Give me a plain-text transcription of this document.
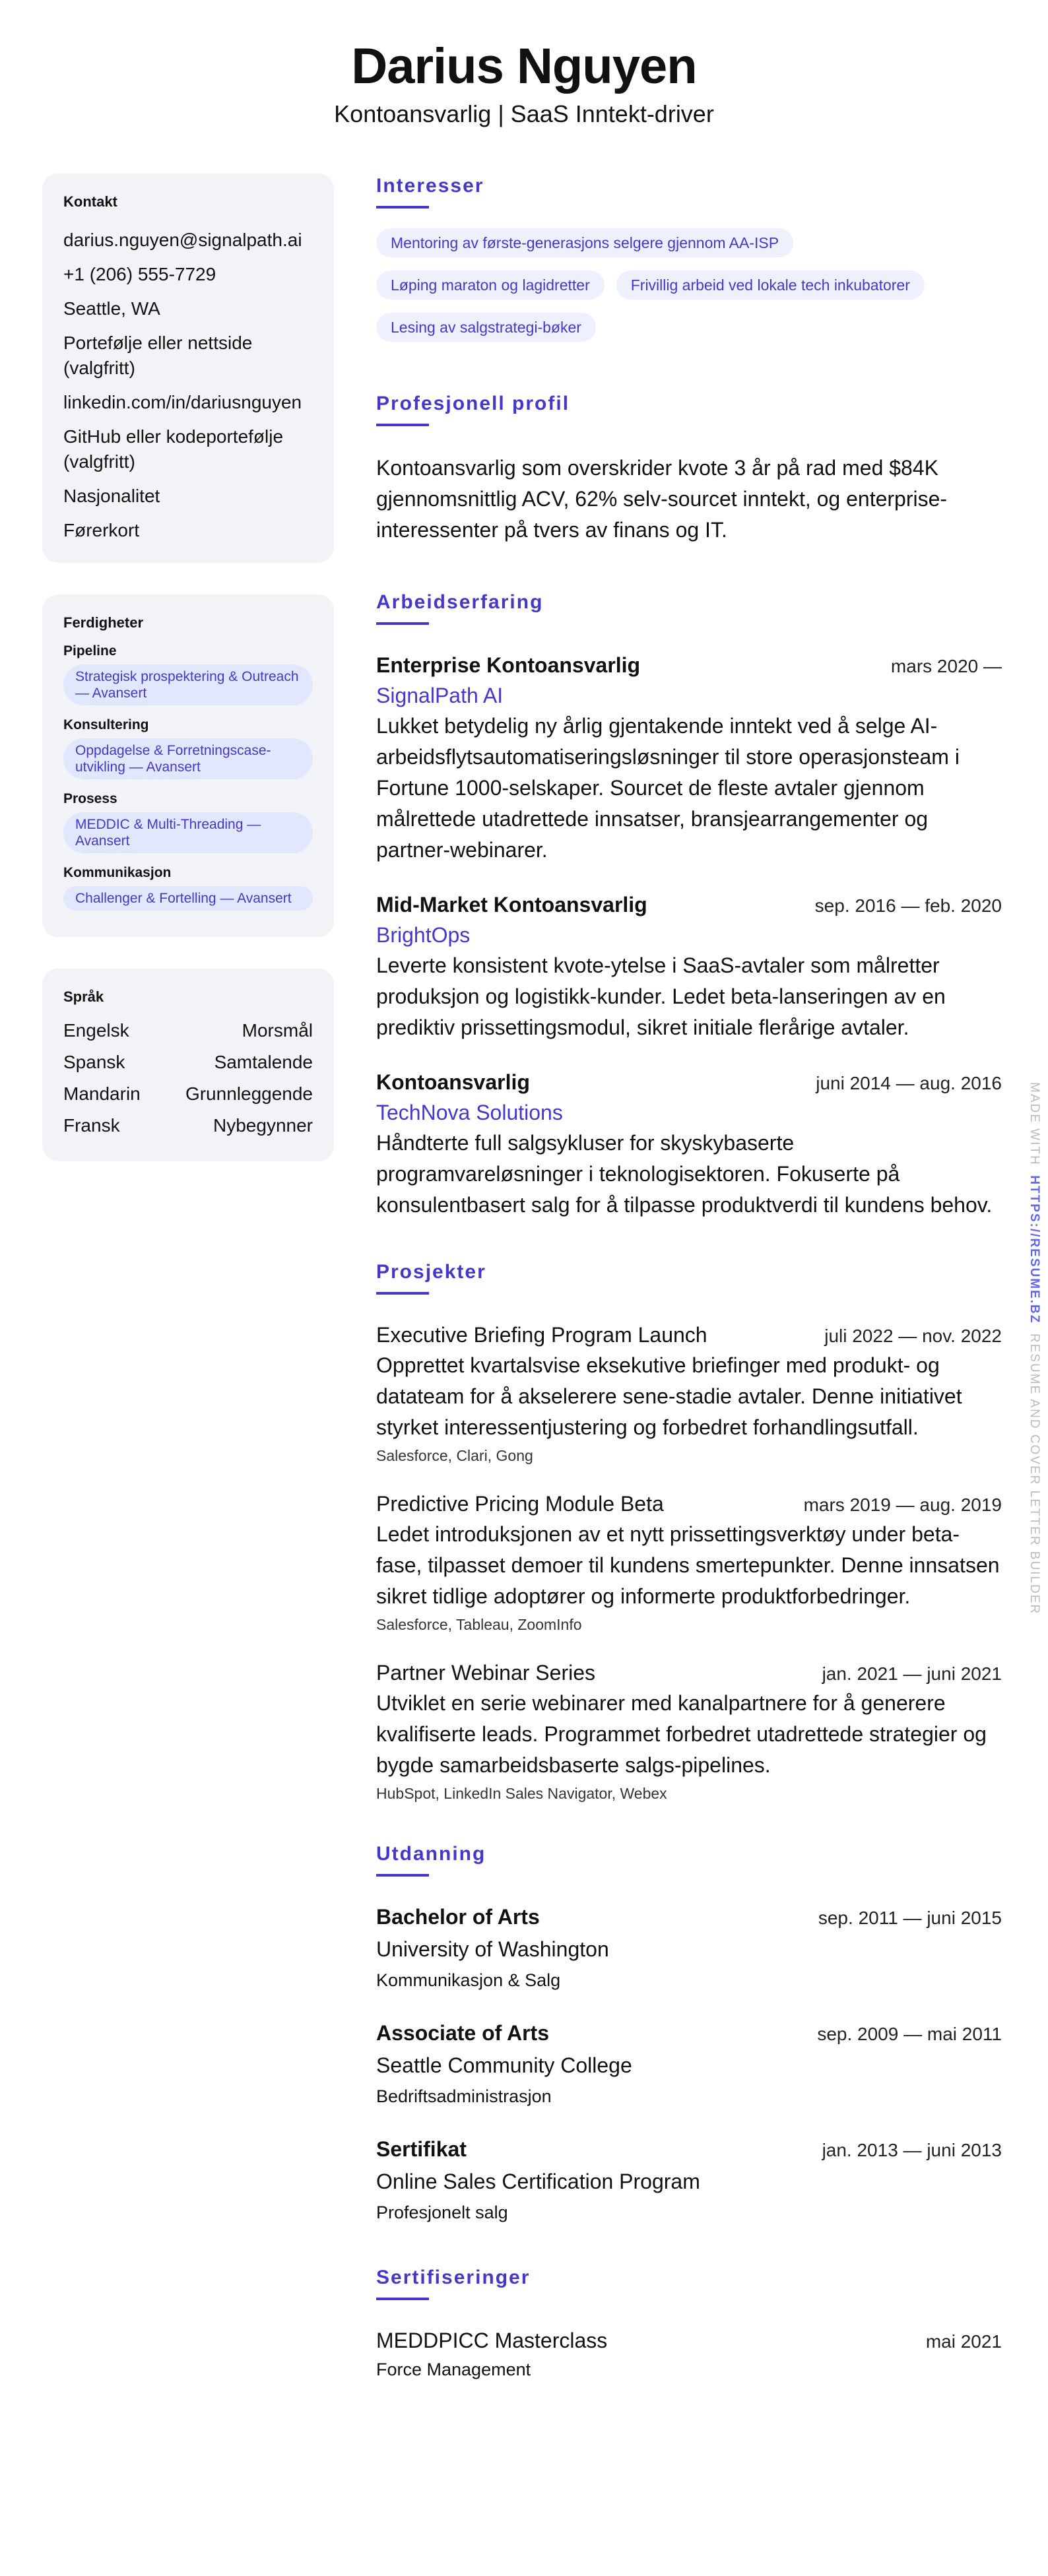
Darius Nguyen
Kontoansvarlig | SaaS Inntekt-driver
Kontakt
darius.nguyen@signalpath.ai
+1 (206) 555-7729
Seattle, WA
Portefølje eller nettside (valgfritt)
linkedin.com/in/dariusnguyen
GitHub eller kodeportefølje (valgfritt)
Nasjonalitet
Førerkort
Ferdigheter
Pipeline
Strategisk prospektering & Outreach — Avansert
Konsultering
Oppdagelse & Forretningscase-utvikling — Avansert
Prosess
MEDDIC & Multi-Threading — Avansert
Kommunikasjon
Challenger & Fortelling — Avansert
Språk
Engelsk	Morsmål
Spansk	Samtalende
Mandarin Grunnleggende
Fransk	Nybegynner
Interesser
Mentoring av første-generasjons selgere gjennom AA-ISP
Løping maraton og lagidretter	Frivillig arbeid ved lokale tech inkubatorer
Lesing av salgstrategi-bøker
Profesjonell profil

Kontoansvarlig som overskrider kvote 3 år på rad med $84K gjennomsnittlig ACV, 62% selv-sourcet inntekt, og enterprise-interessenter på tvers av finans og IT.

Arbeidserfaring
Enterprise Kontoansvarlig	mars 2020 —
SignalPath AI

Lukket betydelig ny årlig gjentakende inntekt ved å selge AI-arbeidsflytsautomatiseringsløsninger til store operasjonsteam i Fortune 1000-selskaper. Sourcet de fleste avtaler gjennom målrettede utadrettede innsatser, bransjearrangementer og partner-webinarer.

Mid-Market Kontoansvarlig	sep. 2016 — feb. 2020
BrightOps

Leverte konsistent kvote-ytelse i SaaS-avtaler som målretter produksjon og logistikk-kunder. Ledet beta-lanseringen av en prediktiv prissettingsmodul, sikret initiale flerårige avtaler.

Kontoansvarlig	juni 2014 — aug. 2016
TechNova Solutions

Håndterte full salgsykluser for skyskybaserte programvareløsninger i teknologisektoren. Fokuserte på konsulentbasert salg for å tilpasse produktverdi til kundens behov.

Prosjekter
Executive Briefing Program Launch	juli 2022 — nov. 2022

Opprettet kvartalsvise eksekutive briefinger med produkt- og datateam for å akselerere sene-stadie avtaler. Denne initiativet styrket interessentjustering og forbedret forhandlingsutfall.

Salesforce, Clari, Gong
Predictive Pricing Module Beta	mars 2019 — aug. 2019

Ledet introduksjonen av et nytt prissettingsverktøy under beta-fase, tilpasset demoer til kundens smertepunkter. Denne innsatsen sikret tidlige adoptører og informerte produktforbedringer.

Salesforce, Tableau, ZoomInfo
Partner Webinar Series	jan. 2021 — juni 2021

Utviklet en serie webinarer med kanalpartnere for å generere kvalifiserte leads. Programmet forbedret utadrettede strategier og bygde samarbeidsbaserte salgs-pipelines.

HubSpot, LinkedIn Sales Navigator, Webex
Utdanning
Bachelor of Arts	sep. 2011 — juni 2015
University of Washington
Kommunikasjon & Salg
Associate of Arts	sep. 2009 — mai 2011
Seattle Community College
Bedriftsadministrasjon
Sertifikat	jan. 2013 — juni 2013
Online Sales Certification Program
Profesjonelt salg
Sertifiseringer
MEDDPICC Masterclass	mai 2021
Force Management
MADE WITH  HTTPS://RESUME.BZ  RESUME AND COVER LETTER BUILDER
